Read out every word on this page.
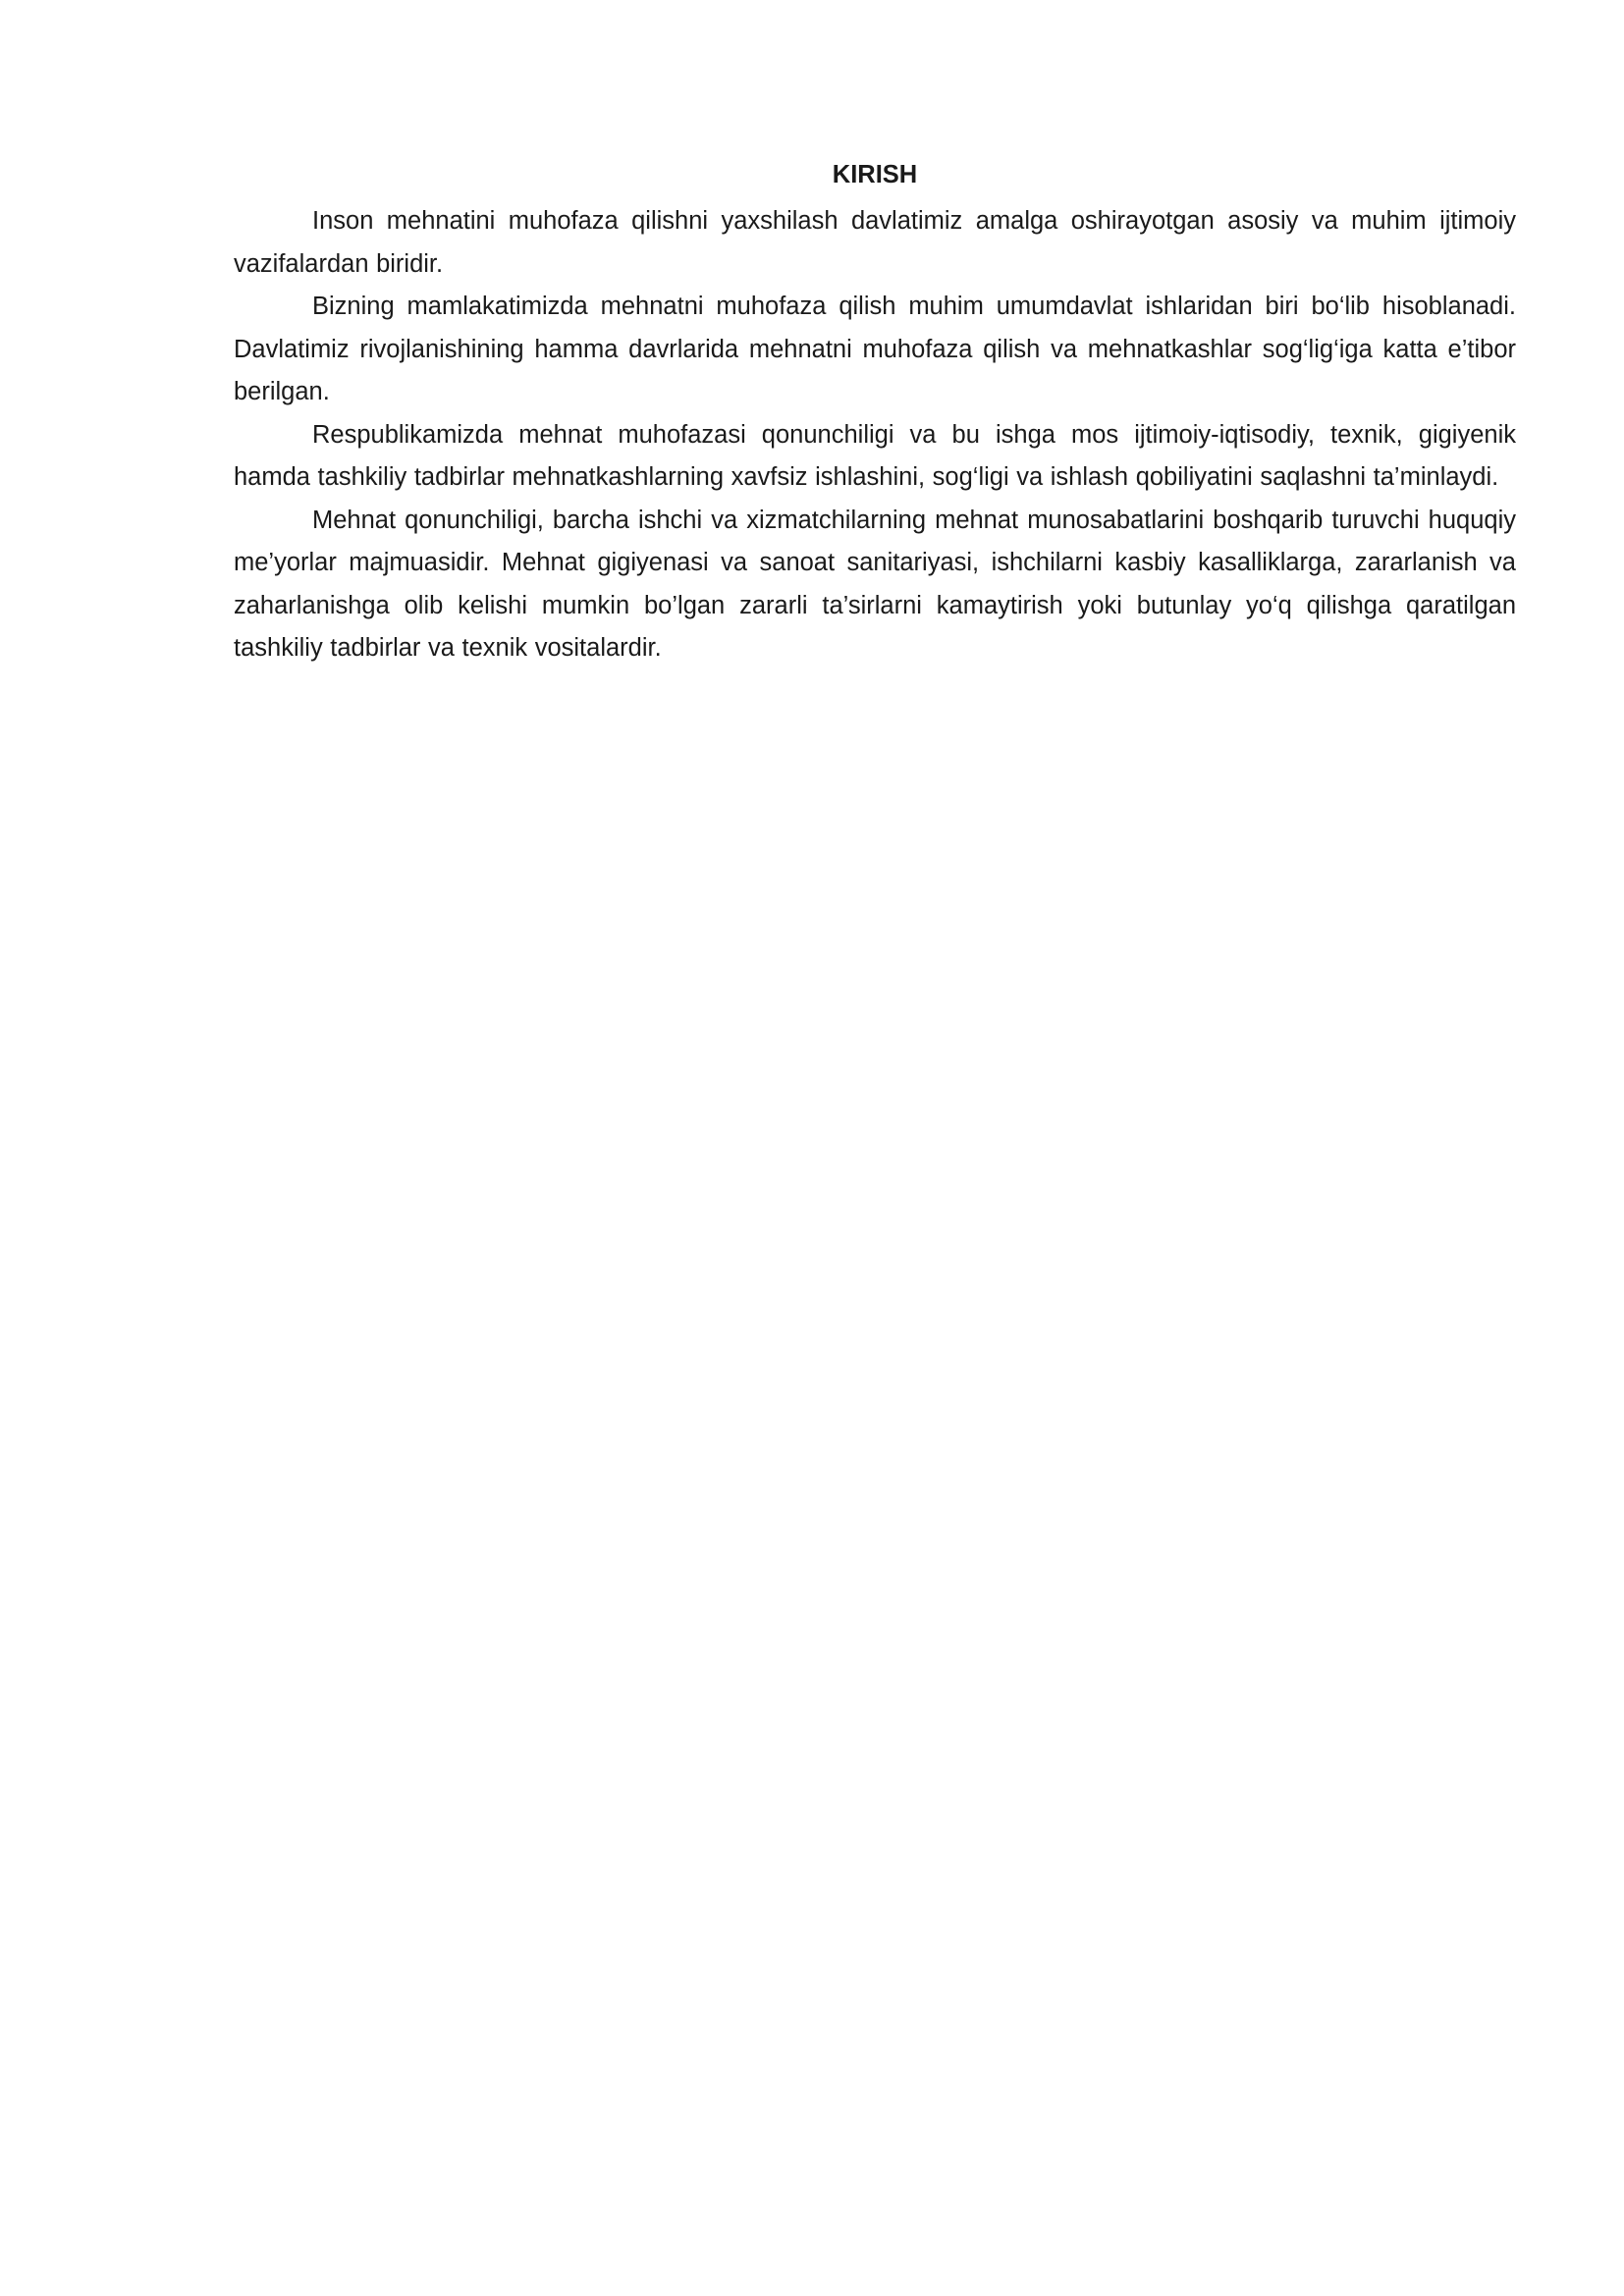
KIRISH

Inson mehnatini muhofaza qilishni yaxshilash davlatimiz amalga oshirayotgan asosiy va muhim ijtimoiy vazifalardan biridir.

Bizning mamlakatimizda mehnatni muhofaza qilish muhim umumdavlat ishlaridan biri bo‘lib hisoblanadi. Davlatimiz rivojlanishining hamma davrlarida mehnatni muhofaza qilish va mehnatkashlar sog‘lig‘iga katta e’tibor berilgan.

Respublikamizda mehnat muhofazasi qonunchiligi va bu ishga mos ijtimoiy-iqtisodiy, texnik, gigiyenik hamda tashkiliy tadbirlar mehnatkashlarning xavfsiz ishlashini, sog‘ligi va ishlash qobiliyatini saqlashni ta’minlaydi.

Mehnat qonunchiligi, barcha ishchi va xizmatchilarning mehnat munosabatlarini boshqarib turuvchi huquqiy me’yorlar majmuasidir. Mehnat gigiyenasi va sanoat sanitariyasi, ishchilarni kasbiy kasalliklarga, zararlanish va zaharlanishga olib kelishi mumkin bo’lgan zararli ta’sirlarni kamaytirish yoki butunlay yo‘q qilishga qaratilgan tashkiliy tadbirlar va texnik vositalardir.
